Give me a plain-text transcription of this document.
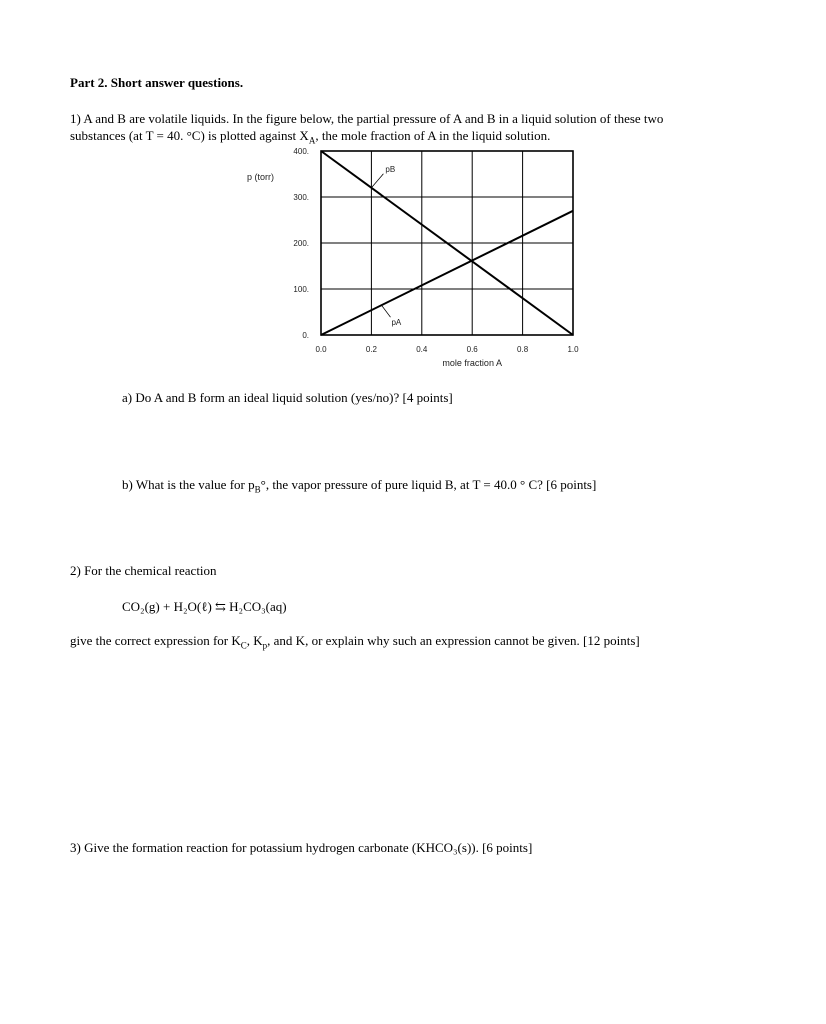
Part 2. Short answer questions.
1) A and B are volatile liquids. In the figure below, the partial pressure of A and B in a liquid solution of these two
substances (at T = 40. °C) is plotted against $X_A$, the mole fraction of A in the liquid solution.
0.0	0.2	0.4	0.6	0.8	1.0
400.
300.
200.
100.
0.
mole fraction A
p (torr)
pB
pA
a) Do A and B form an ideal liquid solution (yes/no)? [4 points]
b) What is the value for $p_B^\circ$, the vapor pressure of pure liquid B, at T = 40.0 ° C? [6 points]
2) For the chemical reaction
CO₂(g) + H₂O(ℓ) ⇆ H₂CO₃(aq)
give the correct expression for $K_C$, $K_p$, and K, or explain why such an expression cannot be given. [12 points]
3) Give the formation reaction for potassium hydrogen carbonate (KHCO₃(s)). [6 points]
